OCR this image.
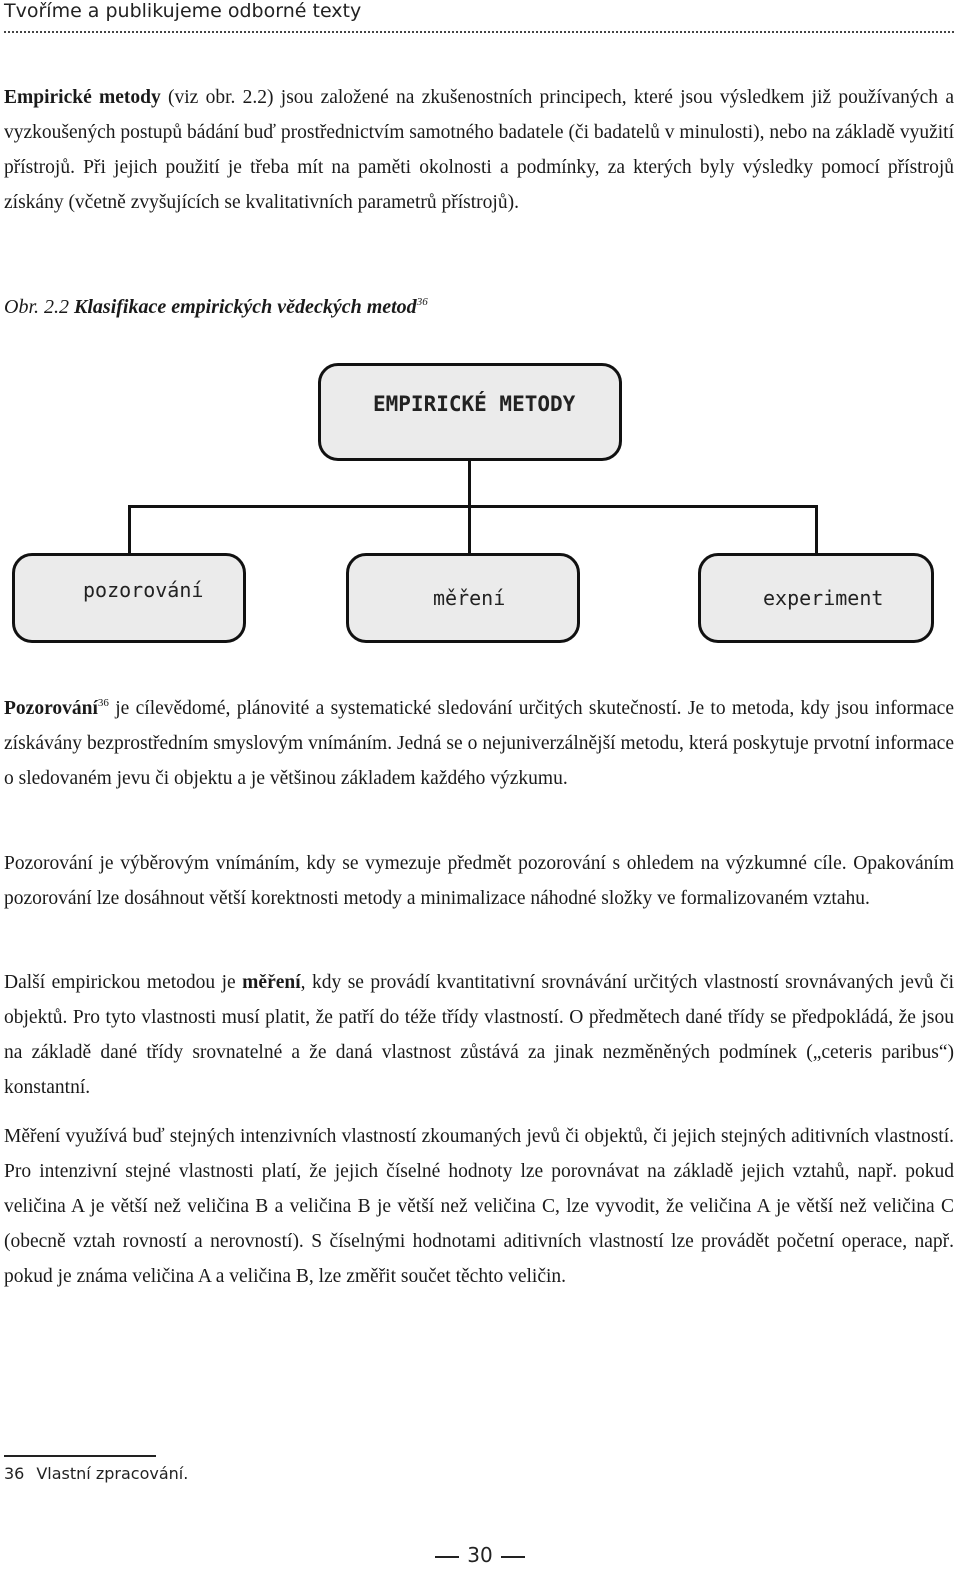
Tvoříme a publikujeme odborné texty

Empirické metody (viz obr. 2.2) jsou založené na zkušenostních principech, které jsou výsledkem již používaných a vyzkoušených postupů bádání buď prostřednictvím samotného badatele (či badatelů v minulosti), nebo na základě využití přístrojů. Při jejich použití je třeba mít na paměti okolnosti a podmínky, za kterých byly výsledky pomocí přístrojů získány (včetně zvyšujících se kvalitativních parametrů přístrojů).

Obr. 2.2 Klasifikace empirických vědeckých metod$^{36}$
EMPIRICKÉ METODY
pozorování	měření	experiment

Pozorování$^{36}$ je cílevědomé, plánovité a systematické sledování určitých skutečností. Je to metoda, kdy jsou informace získávány bezprostředním smyslovým vnímáním. Jedná se o nejuniverzálnější metodu, která poskytuje prvotní informace o sledovaném jevu či objektu a je většinou základem každého výzkumu.

Pozorování je výběrovým vnímáním, kdy se vymezuje předmět pozorování s ohledem na výzkumné cíle. Opakováním pozorování lze dosáhnout větší korektnosti metody a minimalizace náhodné složky ve formalizovaném vztahu.

Další empirickou metodou je měření, kdy se provádí kvantitativní srovnávání určitých vlastností srovnávaných jevů či objektů. Pro tyto vlastnosti musí platit, že patří do téže třídy vlastností. O předmětech dané třídy se předpokládá, že jsou na základě dané třídy srovnatelné a že daná vlastnost zůstává za jinak nezměněných podmínek („ceteris paribus“) konstantní.

Měření využívá buď stejných intenzivních vlastností zkoumaných jevů či objektů, či jejich stejných aditivních vlastností. Pro intenzivní stejné vlastnosti platí, že jejich číselné hodnoty lze porovnávat na základě jejich vztahů, např. pokud veličina A je větší než veličina B a veličina B je větší než veličina C, lze vyvodit, že veličina A je větší než veličina C (obecně vztah rovností a nerovností). S číselnými hodnotami aditivních vlastností lze provádět početní operace, např. pokud je známa veličina A a veličina B, lze změřit součet těchto veličin.

36 Vlastní zpracování.
30
